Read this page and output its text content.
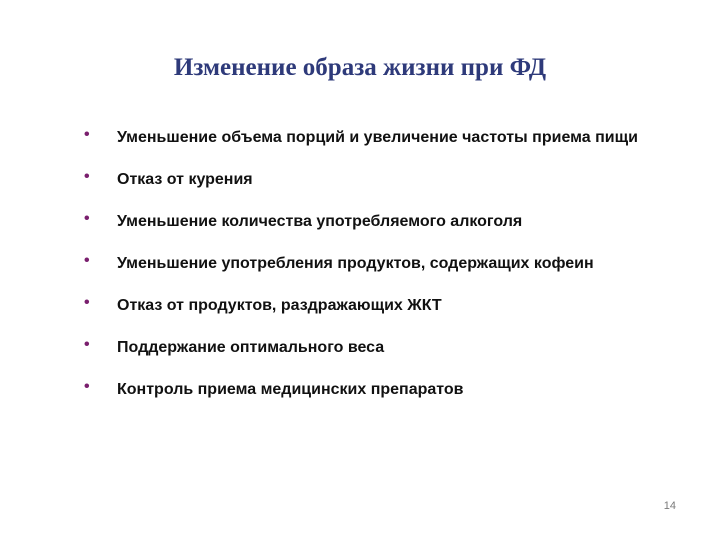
Изменение образа жизни при ФД
• Уменьшение объема порций и увеличение частоты приема пищи
• Отказ от курения
• Уменьшение количества употребляемого алкоголя
• Уменьшение употребления продуктов, содержащих кофеин
• Отказ от продуктов, раздражающих ЖКТ
• Поддержание оптимального веса
• Контроль приема медицинских препаратов
14
